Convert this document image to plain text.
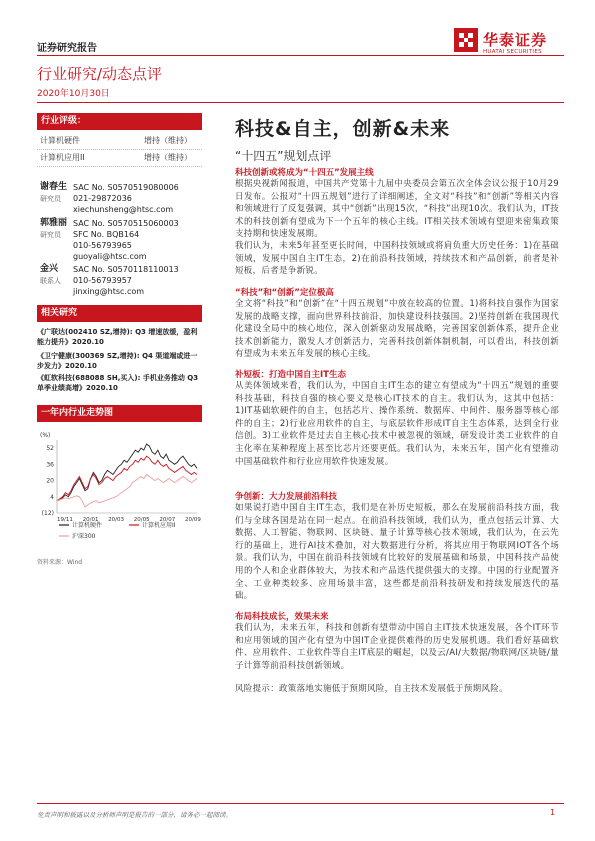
证券研究报告	华泰证券
HUATAI SECURITIES
行业研究/动态点评
2020年10月30日
行业评级：
计算机硬件	增持（维持）
计算机应用II	增持（维持）
谢春生
研究员
SAC No. S0570519080006
021-29872036
xiechunsheng@htsc.com
郭雅丽
研究员
SAC No. S0570515060003
SFC No. BQB164
010-56793965
guoyali@htsc.com
金兴
联系人
SAC No. S0570118110013
010-56793957
jinxing@htsc.com
相关研究
《广联达(002410 SZ,增持): Q3 增速放缓，盈利能力提升》2020.10
《卫宁健康(300369 SZ,增持): Q4 渠道端或进一步发力》2020.10
《虹软科技(688088 SH,买入): 手机业务推动 Q3 单季业绩高增》2020.10
一年内行业走势图
(%)
52
36
20
4
(12)
19/11 20/01 20/03 20/05 20/07 20/09
计算机硬件	计算机应用II
沪深300
资料来源：Wind
科技&自主，创新&未来
“十四五”规划点评
科技创新或将成为“十四五”发展主线
根据央视新闻报道，中国共产党第十九届中央委员会第五次全体会议公报于10月29日发布。公报对“十四五规划”进行了详细阐述，全文对“科技”和“创新”等相关内容和领域进行了反复强调，其中“创新”出现15次，“科技”出现10次。我们认为，IT技术的科技创新有望成为下一个五年的核心主线。IT相关技术领域有望迎来密集政策支持期和快速发展期。
我们认为，未来5年甚至更长时间，中国科技领域或将肩负重大历史任务：1)在基础领域，发展中国自主IT生态，2)在前沿科技领域，持续技术和产品创新，前者是补短板，后者是争新锐。
“科技”和“创新”定位极高
全文将“科技”和“创新”在“十四五规划”中放在较高的位置。1)将科技自强作为国家发展的战略支撑，面向世界科技前沿，加快建设科技强国。2)坚持创新在我国现代化建设全局中的核心地位，深入创新驱动发展战略，完善国家创新体系，提升企业技术创新能力，激发人才创新活力，完善科技创新体制机制，可以看出，科技创新有望成为未来五年发展的核心主线。
补短板：打造中国自主IT生态
从美体领域来看，我们认为，中国自主IT生态的建立有望成为“十四五”规划的重要科技基础，科技自强的核心要义是核心IT技术的自主。我们认为，这其中包括：1)IT基础软硬件的自主，包括芯片、操作系统、数据库、中间件、服务器等核心部件的自主；2)行业应用软件的自主，与底层软件形成IT自主生态体系，达到全行业信创。3)工业软件是过去自主核心技术中被忽视的领域，研发设计类工业软件的自主化率在某种程度上甚至比芯片还要更低。我们认为，未来五年，国产化有望推动中国基础软件和行业应用软件快速发展。
争创新：大力发展前沿科技
如果说打造中国自主IT生态，我们是在补历史短板，那么在发展前沿科技方面，我们与全球各国是站在同一起点。在前沿科技领域，我们认为，重点包括云计算、大数据、人工智能、物联网、区块链、量子计算等核心技术领域，我们认为，在云先行的基础上，进行AI技术叠加，对大数据进行分析，将其应用于物联网IOT各个场景。我们认为，中国在前沿科技领域有比较好的发展基础和场景，中国科技产品使用的个人和企业群体较大，为技术和产品迭代提供强大的支撑。中国的行业配置齐全、工业种类较多、应用场景丰富，这些都是前沿科技研发和持续发展迭代的基础。
布局科技成长，效果未来
我们认为，未来五年，科技和创新有望带动中国自主IT技术快速发展，各个IT环节和应用领域的国产化有望为中国IT企业提供难得的历史发展机遇。我们看好基础软件、应用软件、工业软件等自主IT底层的崛起，以及云/AI/大数据/物联网/区块链/量子计算等前沿科技创新领域。
风险提示：政策落地实施低于预期风险，自主技术发展低于预期风险。
免责声明和披露以及分析师声明是报告的一部分，请务必一起阅读。	1
